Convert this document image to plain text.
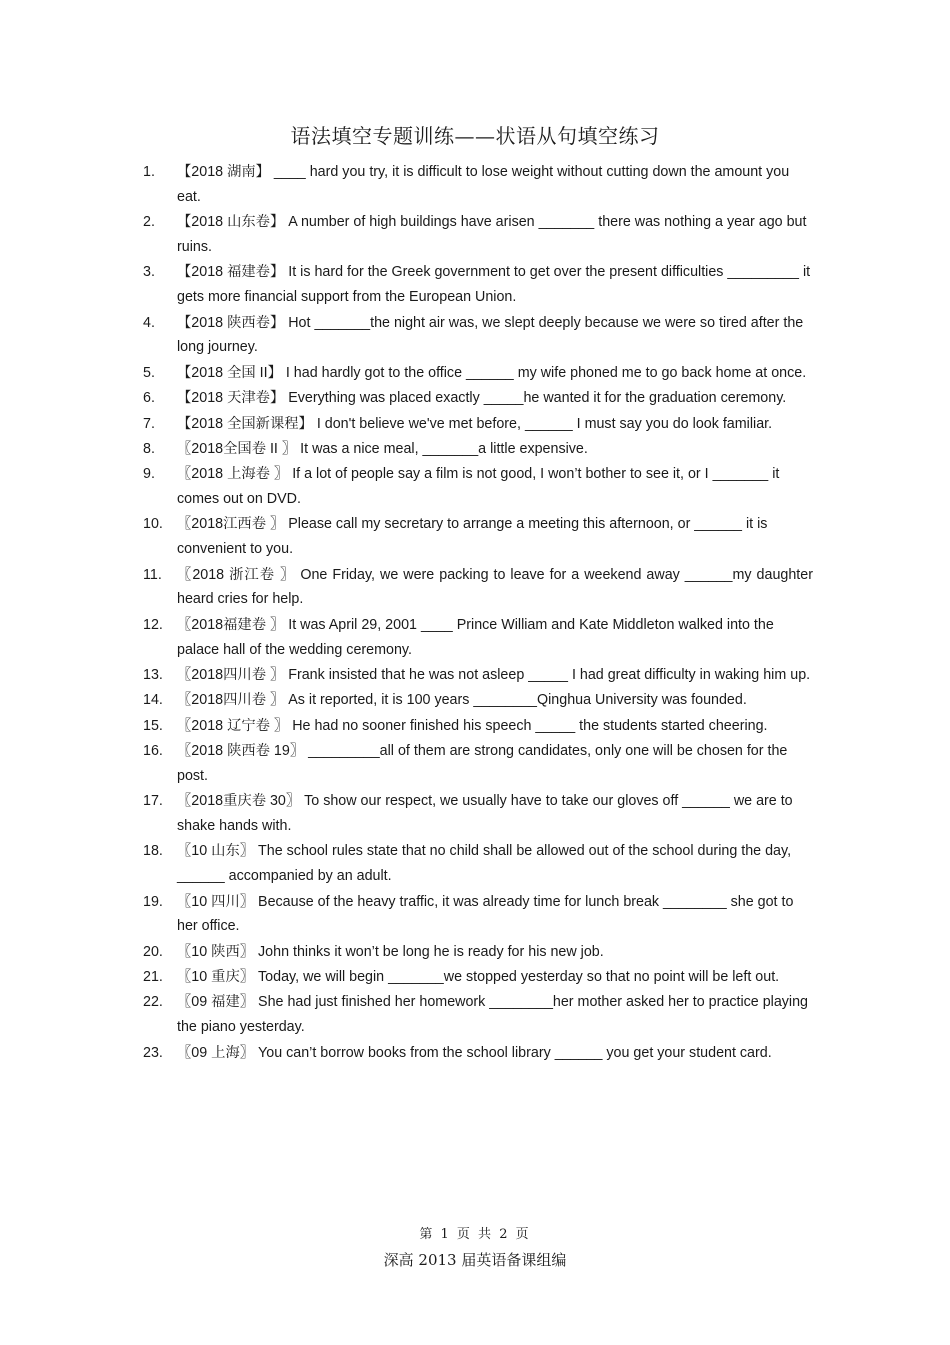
语法填空专题训练——状语从句填空练习
1.	【2018 湖南】 ____ hard you try, it is difficult to lose weight without cutting down the amount you eat.
2.	【2018 山东卷】 A number of high buildings have arisen _______ there was nothing a year ago but ruins.
3.	【2018 福建卷】 It is hard for the Greek government to get over the present difficulties _________ it gets more financial support from the European Union.
4.	【2018 陕西卷】 Hot _______the night air was, we slept deeply because we were so tired after the long journey.
5.	【2018 全国 II】 I had hardly got to the office ______ my wife phoned me to go back home at once.
6.	【2018 天津卷】 Everything was placed exactly _____he wanted it for the graduation ceremony.
7.	【2018 全国新课程】 I don't believe we've met before, ______ I must say you do look familiar.
8.	〖2018全国卷 II 〗 It was a nice meal, _______a little expensive.
9.	〖2018 上海卷 〗 If a lot of people say a film is not good, I won’t bother to see it, or I _______ it comes out on DVD.
10. 〖2018江西卷 〗 Please call my secretary to arrange a meeting this afternoon, or ______ it is convenient to you.
11.	〖2018 浙江卷 〗 One Friday, we were packing to leave for a weekend away ______my daughter heard cries for help.
12. 〖2018福建卷 〗 It was April 29, 2001 ____ Prince William and Kate Middleton walked into the palace hall of the wedding ceremony.
13. 〖2018四川卷 〗 Frank insisted that he was not asleep _____ I had great difficulty in waking him up.
14. 〖2018四川卷 〗 As it reported, it is 100 years ________Qinghua University was founded.
15. 〖2018 辽宁卷 〗 He had no sooner finished his speech _____ the students started cheering.
16. 〖2018 陕西卷 19〗 _________all of them are strong candidates, only one will be chosen for the post.
17. 〖2018重庆卷 30〗 To show our respect, we usually have to take our gloves off ______ we are to shake hands with.
18. 〖10 山东〗 The school rules state that no child shall be allowed out of the school during the day, ______ accompanied by an adult.
19. 〖10 四川〗 Because of the heavy traffic, it was already time for lunch break ________ she got to her office.
20. 〖10 陕西〗 John thinks it won’t be long he is ready for his new job.
21. 〖10 重庆〗 Today, we will begin _______we stopped yesterday so that no point will be left out.
22. 〖09 福建〗 She had just finished her homework ________her mother asked her to practice playing the piano yesterday.
23. 〖09 上海〗 You can’t borrow books from the school library ______ you get your student card.
第 1 页 共 2 页
深高 2013 届英语备课组编
